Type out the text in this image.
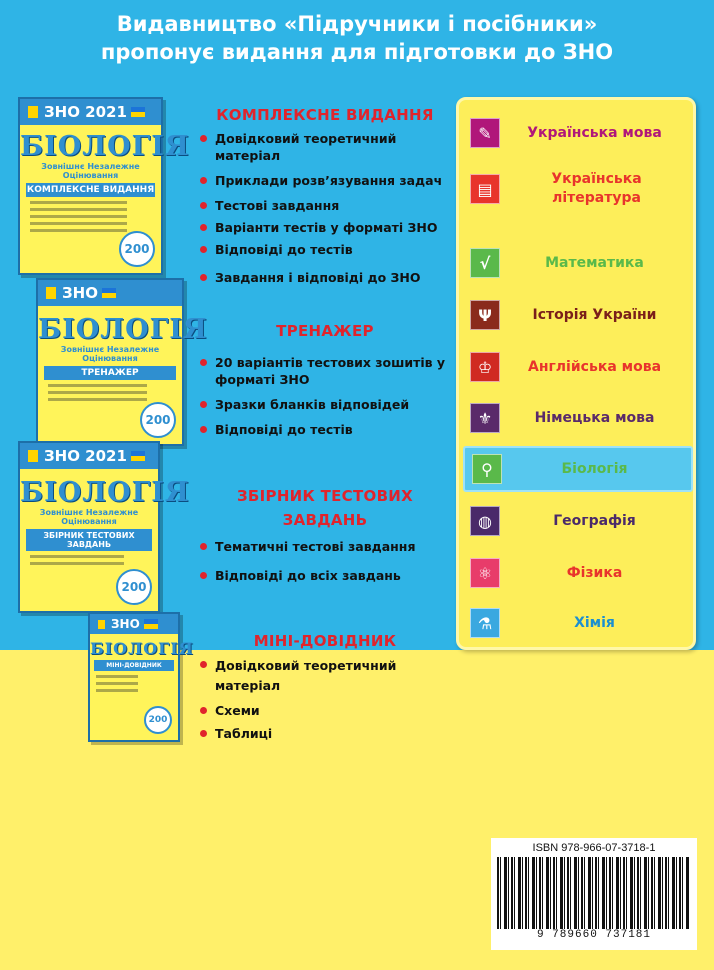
Видавництво «Підручники і посібники»
пропонує видання для підготовки до ЗНО
ЗНО 2021
БІОЛОГІЯ
Зовнішнє Незалежне Оцінювання
КОМПЛЕКСНЕ ВИДАННЯ
200
ЗНО
БІОЛОГІЯ
Зовнішнє Незалежне Оцінювання
ТРЕНАЖЕР
200
ЗНО 2021
БІОЛОГІЯ
Зовнішнє Незалежне Оцінювання
ЗБІРНИК ТЕСТОВИХ ЗАВДАНЬ
200
ЗНО
БІОЛОГІЯ
МІНІ-ДОВІДНИК
200
КОМПЛЕКСНЕ ВИДАННЯ
Довідковий теоретичний матеріал
Приклади розв’язування задач
Тестові завдання
Варіанти тестів у форматі ЗНО
Відповіді до тестів
Завдання і відповіді до ЗНО
ТРЕНАЖЕР
20 варіантів тестових зошитів у форматі ЗНО
Зразки бланків відповідей
Відповіді до тестів
ЗБІРНИК ТЕСТОВИХ ЗАВДАНЬ
Тематичні тестові завдання
Відповіді до всіх завдань
МІНІ-ДОВІДНИК
Довідковий теоретичний матеріал
Схеми
Таблиці
✎	Українська мова
▤
Українська література
√	Математика
Ψ	Історія України
♔	Англійська мова
⚜	Німецька мова
⚲	Біологія
◍	Географія
⚛	Фізика
⚗	Хімія
ISBN 978-966-07-3718-1
9 789660 737181
